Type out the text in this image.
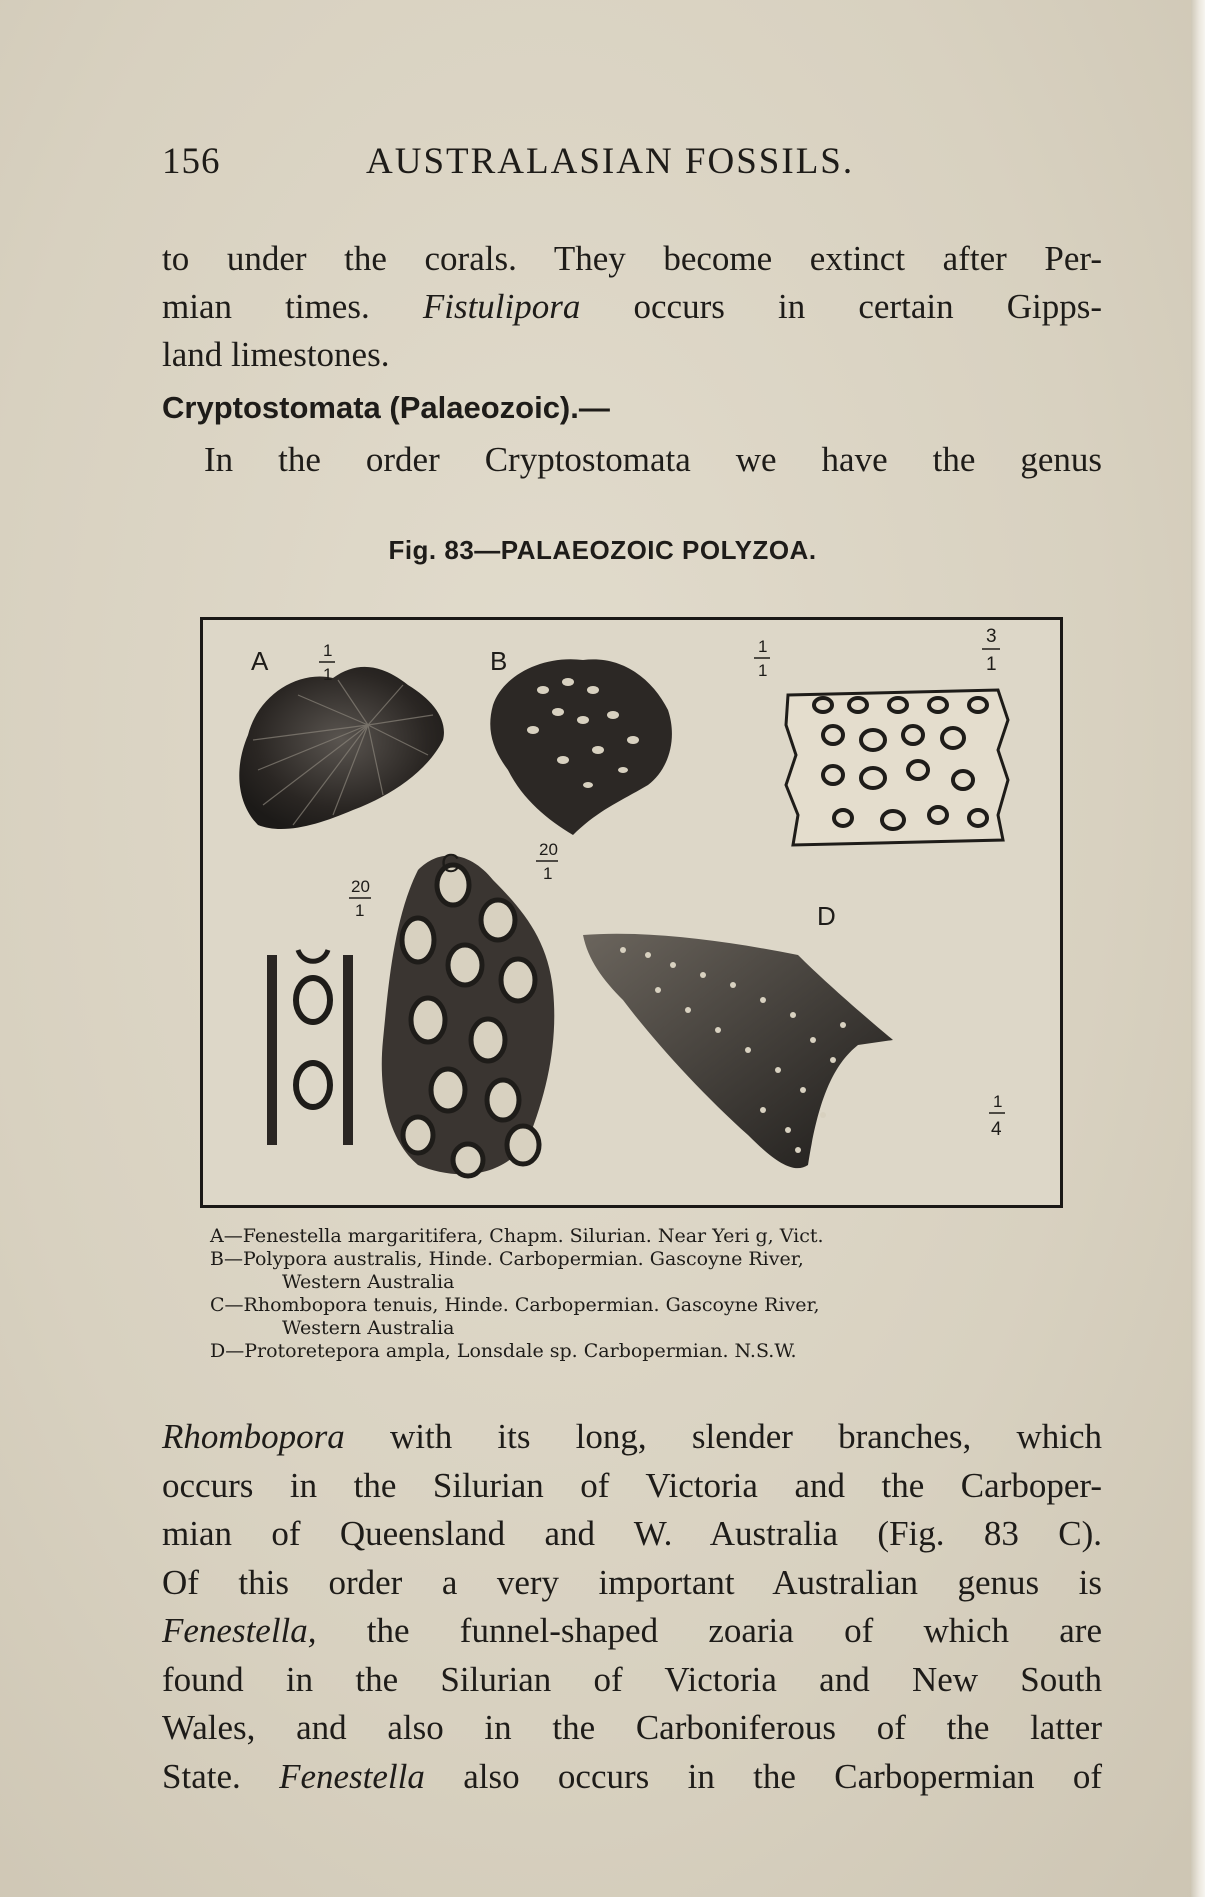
156	AUSTRALASIAN FOSSILS.
to under the corals. They become extinct after Per-
mian times. Fistulipora occurs in certain Gipps-
land limestones.
Cryptostomata (Palaeozoic).—
In the order Cryptostomata we have the genus
Fig. 83—PALAEOZOIC POLYZOA.
A	1
1	B	1
1
3
1
20
1
C	20
1
D
1
4
A—Fenestella margaritifera, Chapm. Silurian. Near Yeri g, Vict.
B—Polypora australis, Hinde. Carbopermian. Gascoyne River,
Western Australia
C—Rhombopora tenuis, Hinde. Carbopermian. Gascoyne River,
Western Australia
D—Protoretepora ampla, Lonsdale sp. Carbopermian. N.S.W.
Rhombopora with its long, slender branches, which
occurs in the Silurian of Victoria and the Carboper-
mian of Queensland and W. Australia (Fig. 83 C).
Of this order a very important Australian genus is
Fenestella, the funnel-shaped zoaria of which are
found in the Silurian of Victoria and New South
Wales, and also in the Carboniferous of the latter
State. Fenestella also occurs in the Carbopermian of
